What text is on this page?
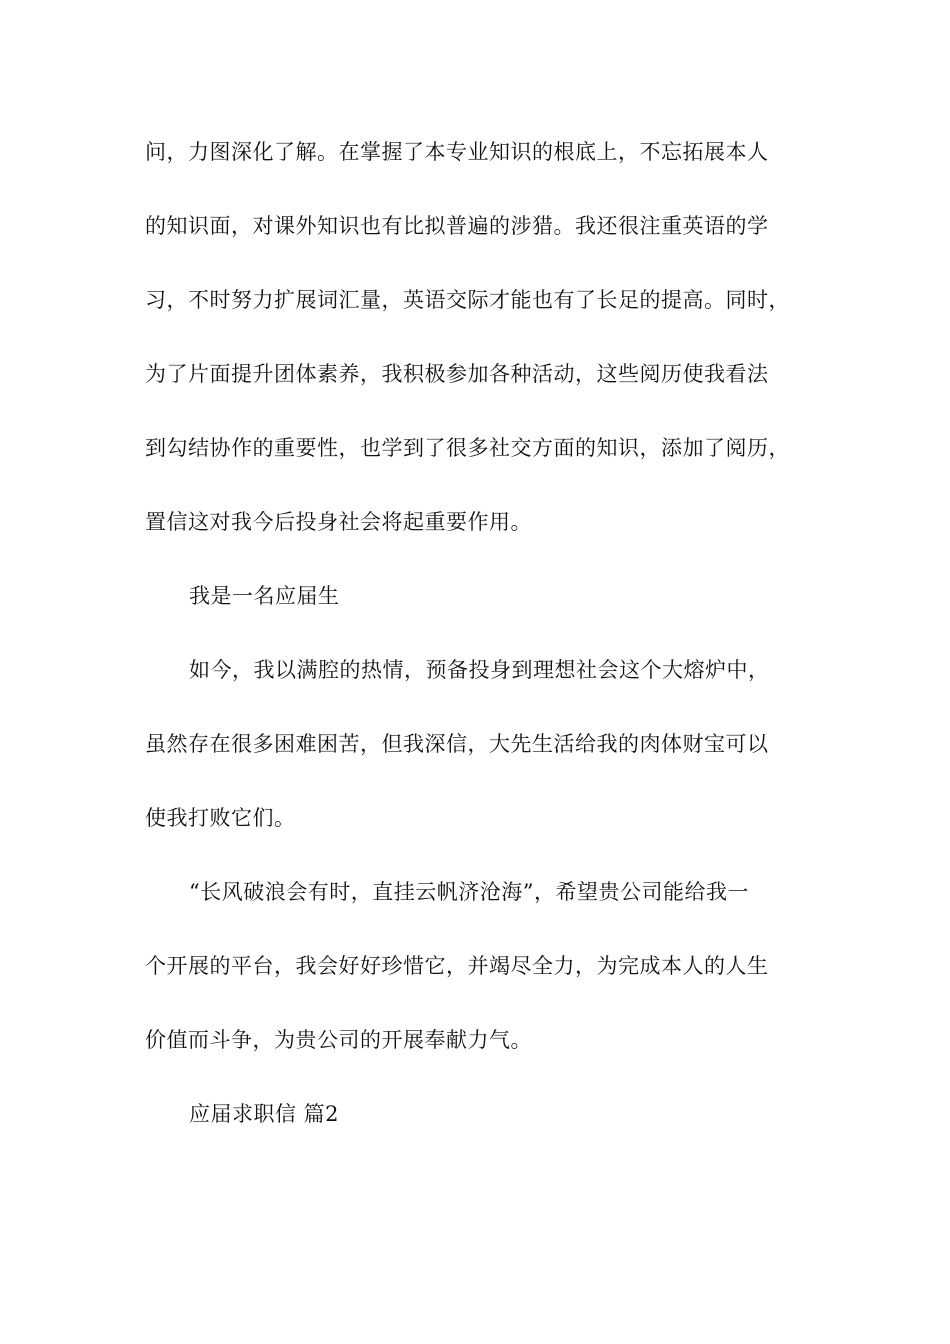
问，力图深化了解。在掌握了本专业知识的根底上，不忘拓展本人
的知识面，对课外知识也有比拟普遍的涉猎。我还很注重英语的学
习，不时努力扩展词汇量，英语交际才能也有了长足的提高。同时，
为了片面提升团体素养，我积极参加各种活动，这些阅历使我看法
到勾结协作的重要性，也学到了很多社交方面的知识，添加了阅历，
置信这对我今后投身社会将起重要作用。
我是一名应届生
如今，我以满腔的热情，预备投身到理想社会这个大熔炉中，
虽然存在很多困难困苦，但我深信，大先生活给我的肉体财宝可以
使我打败它们。
“长风破浪会有时，直挂云帆济沧海”，希望贵公司能给我一
个开展的平台，我会好好珍惜它，并竭尽全力，为完成本人的人生
价值而斗争，为贵公司的开展奉献力气。
应届求职信 篇2
